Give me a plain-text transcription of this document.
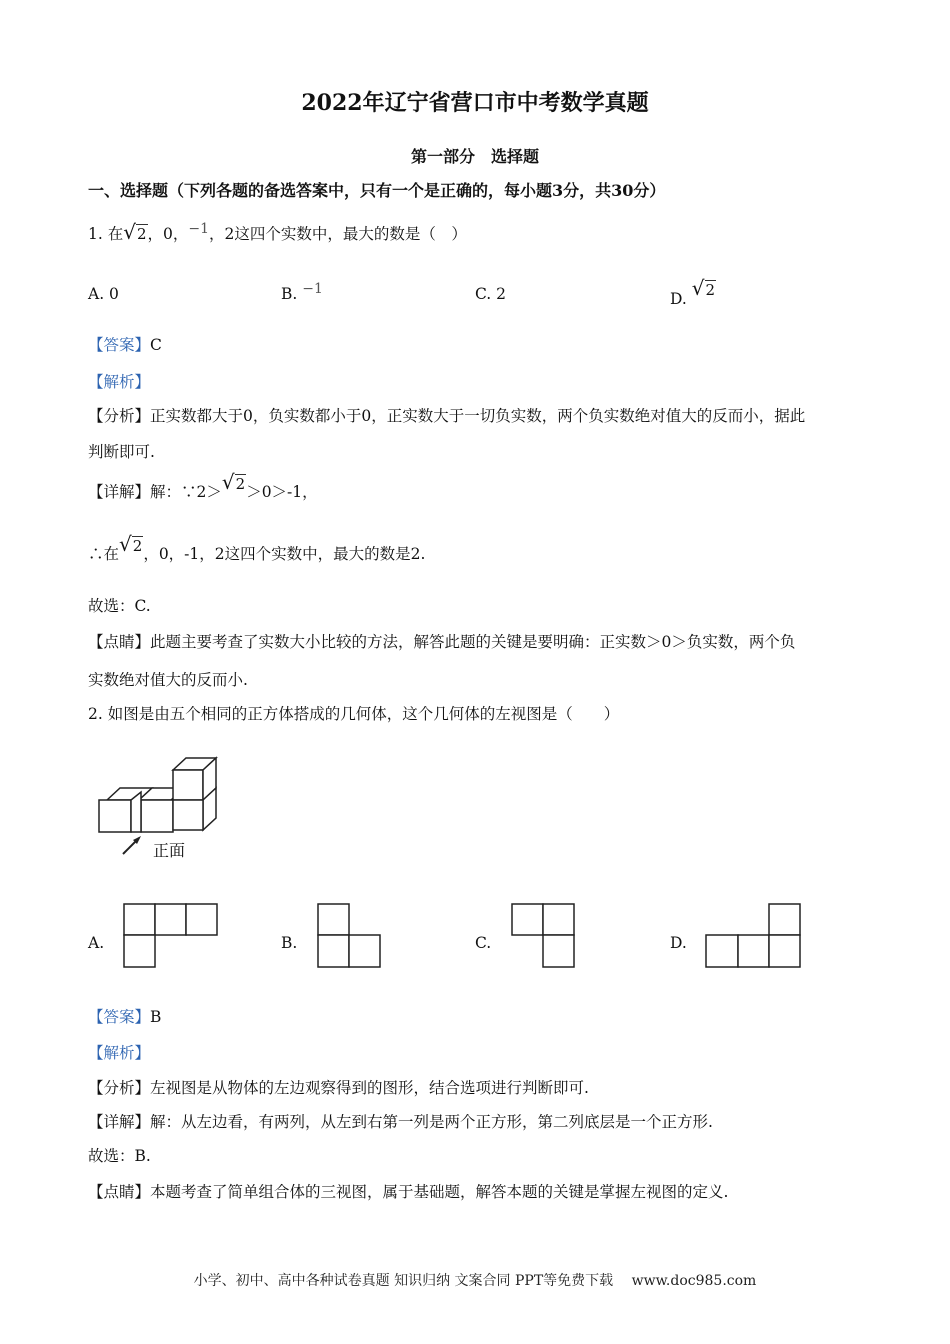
2022年辽宁省营口市中考数学真题
第一部分　选择题
一、选择题（下列各题的备选答案中，只有一个是正确的，每小题3分，共30分）
1. 在√2，0，−1，2这四个实数中，最大的数是（　）
A. 0	B. −1	C. 2	D. √2
【答案】C
【解析】
【分析】正实数都大于0，负实数都小于0，正实数大于一切负实数，两个负实数绝对值大的反而小，据此
判断即可.
【详解】解：∵2＞√2＞0＞-1，
∴在√2，0，-1，2这四个实数中，最大的数是2.
故选：C.
【点睛】此题主要考查了实数大小比较的方法，解答此题的关键是要明确：正实数＞0＞负实数，两个负
实数绝对值大的反而小.
2. 如图是由五个相同的正方体搭成的几何体，这个几何体的左视图是（　　）
正面
A.	B.	C.	D.
【答案】B
【解析】
【分析】左视图是从物体的左边观察得到的图形，结合选项进行判断即可.
【详解】解：从左边看，有两列，从左到右第一列是两个正方形，第二列底层是一个正方形.
故选：B.
【点睛】本题考查了简单组合体的三视图，属于基础题，解答本题的关键是掌握左视图的定义.
小学、初中、高中各种试卷真题 知识归纳 文案合同 PPT等免费下载　 www.doc985.com
